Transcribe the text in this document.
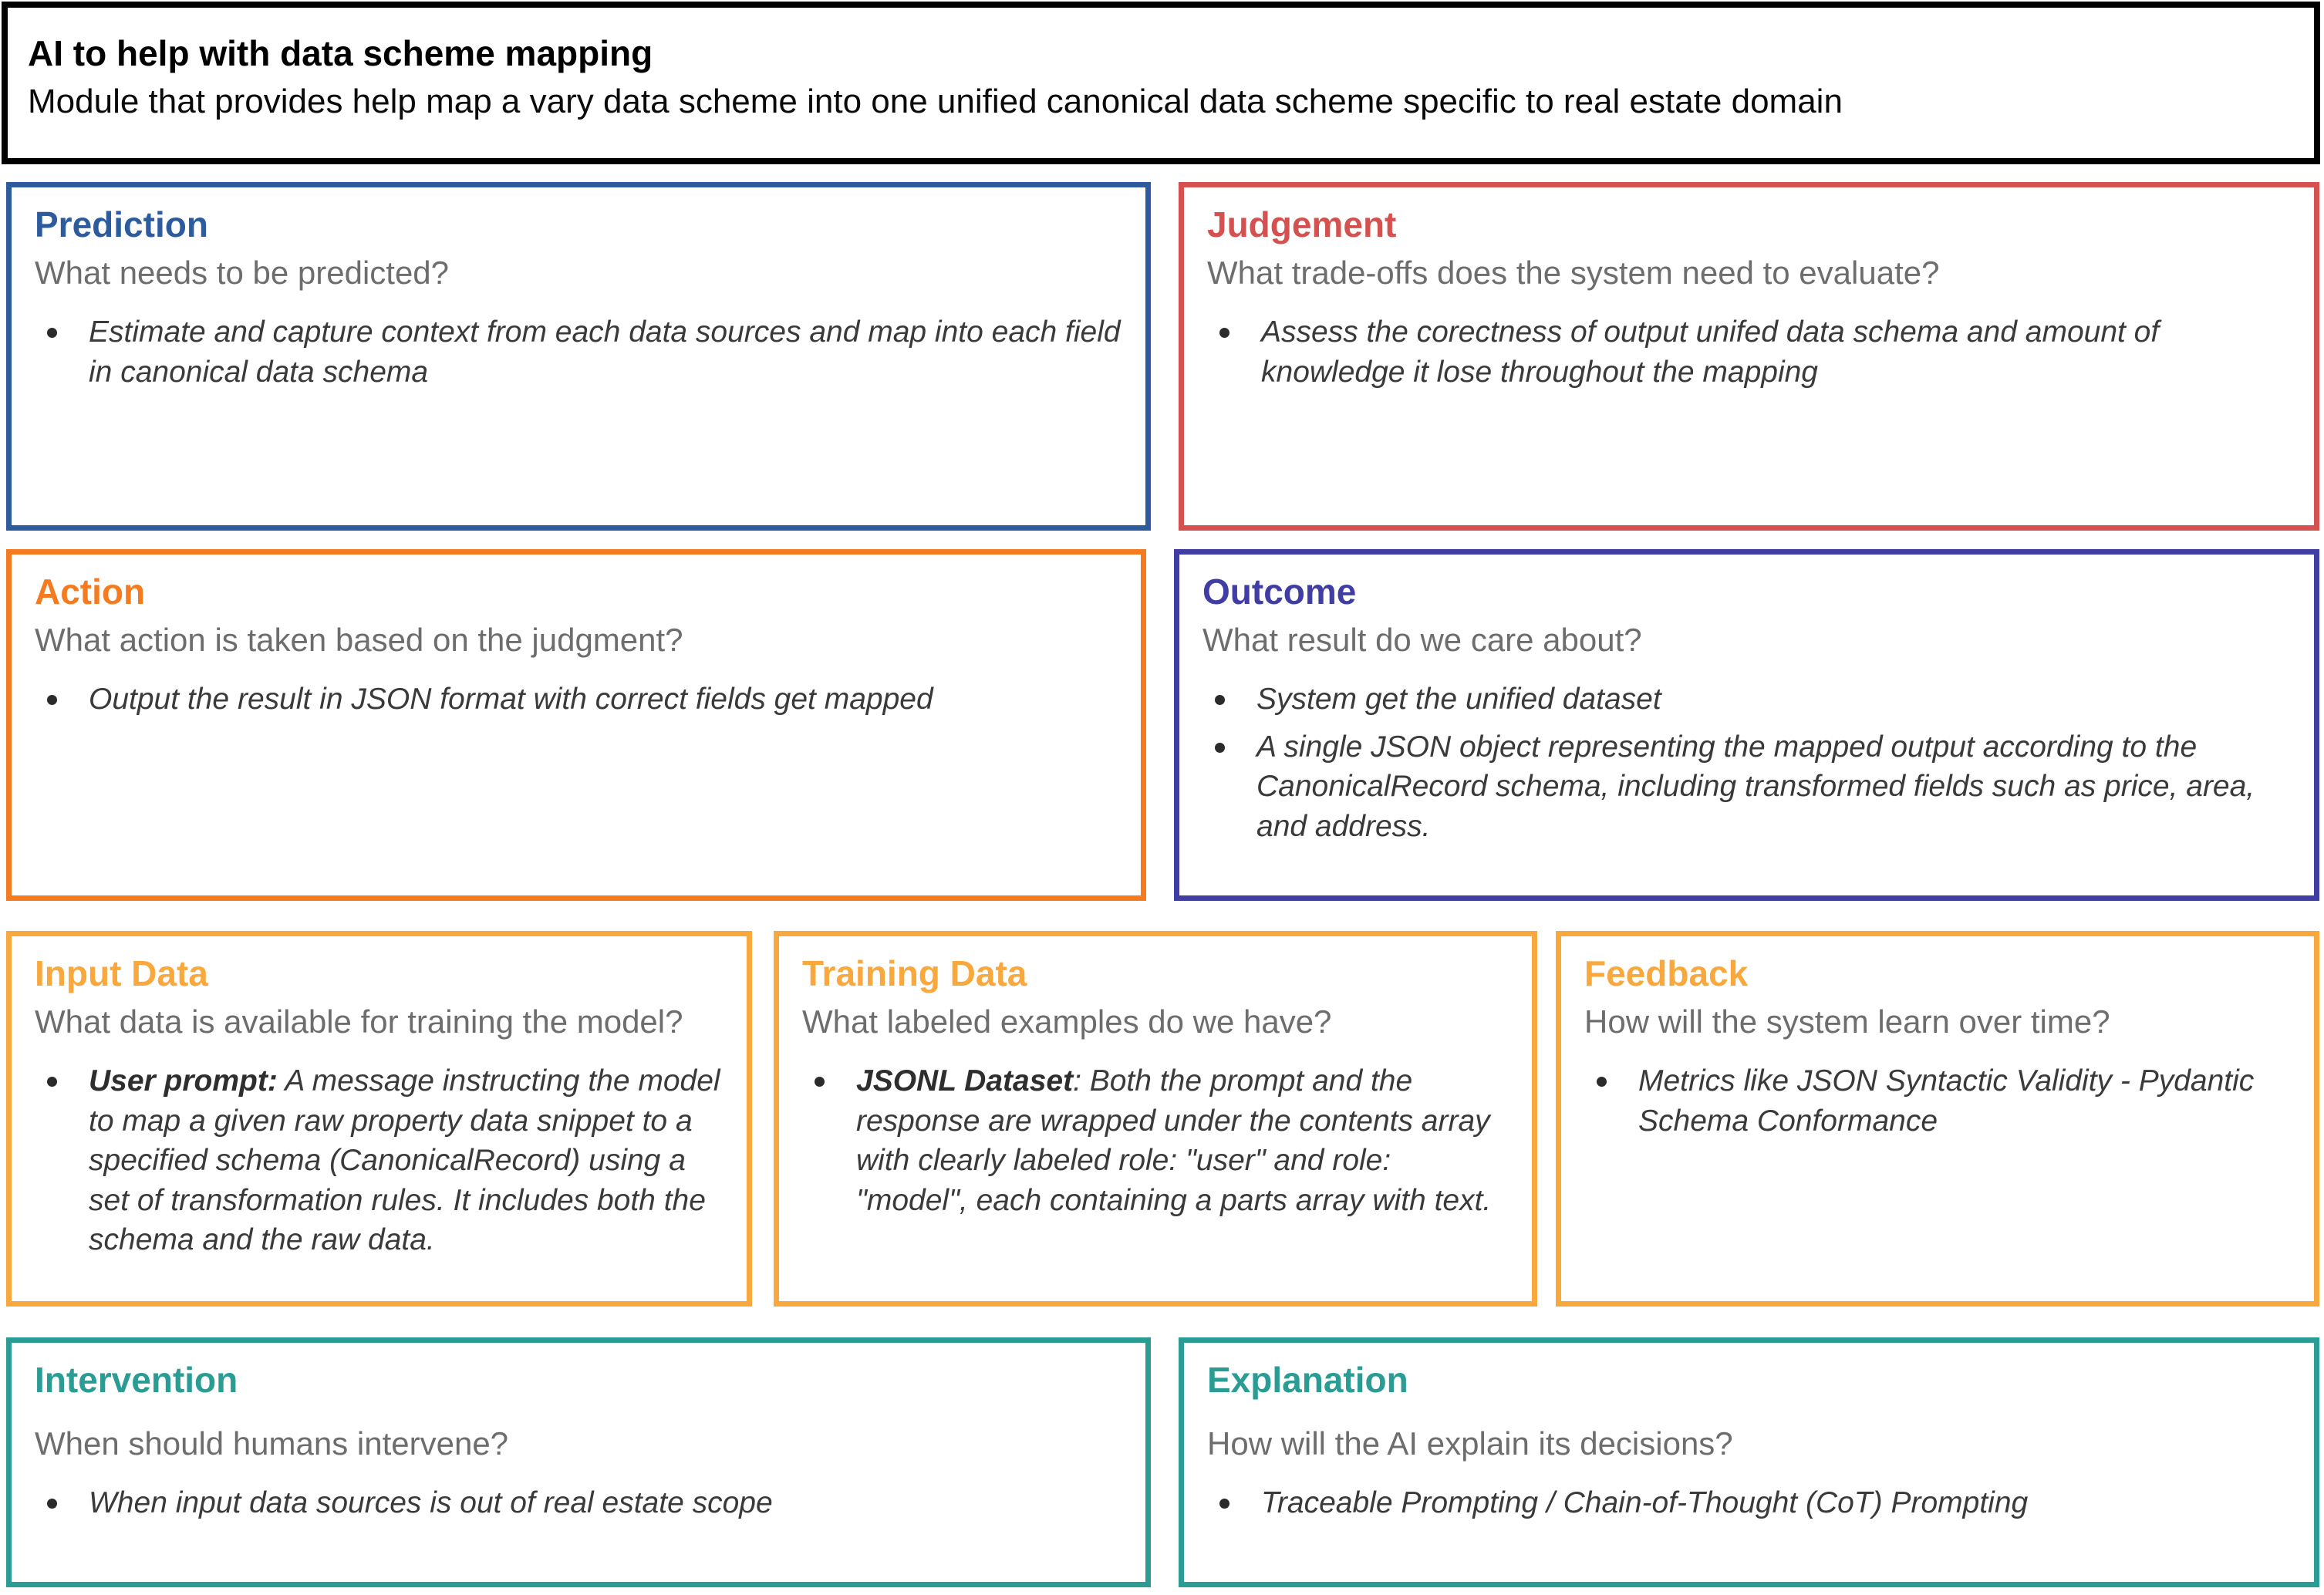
AI to help with data scheme mapping

Module that provides help map a vary data scheme into one unified canonical data scheme specific to real estate domain

Prediction

What needs to be predicted?

Estimate and capture context from each data sources and map into each field in canonical data schema
Judgement

What trade-offs does the system need to evaluate?

Assess the corectness of output unifed data schema and amount of knowledge it lose throughout the mapping
Action

What action is taken based on the judgment?

Output the result in JSON format with correct fields get mapped
Outcome

What result do we care about?

System get the unified dataset
A single JSON object representing the mapped output according to the CanonicalRecord schema, including transformed fields such as price, area, and address.
Input Data

What data is available for training the model?

User prompt: A message instructing the model to map a given raw property data snippet to a specified schema (CanonicalRecord) using a set of transformation rules. It includes both the schema and the raw data.
Training Data

What labeled examples do we have?

JSONL Dataset: Both the prompt and the response are wrapped under the contents array with clearly labeled role: "user" and role: "model", each containing a parts array with text.
Feedback

How will the system learn over time?

Metrics like JSON Syntactic Validity - Pydantic Schema Conformance
Intervention

When should humans intervene?

When input data sources is out of real estate scope
Explanation

How will the AI explain its decisions?

Traceable Prompting / Chain-of-Thought (CoT) Prompting
